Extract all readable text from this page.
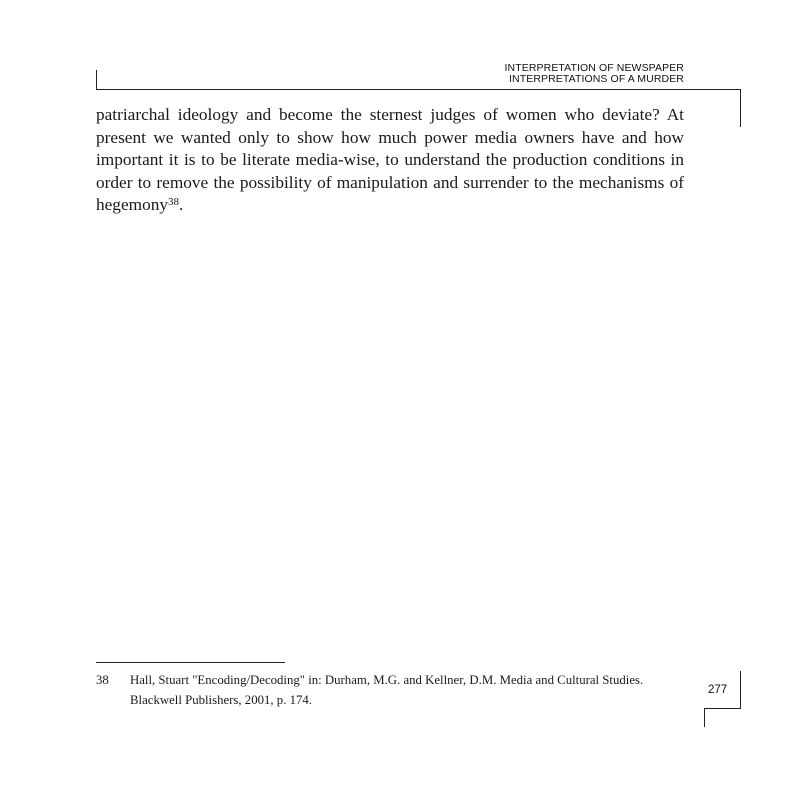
INTERPRETATION OF NEWSPAPER
INTERPRETATIONS OF A MURDER

patriarchal ideology and become the sternest judges of women who deviate? At present we wanted only to show how much power media owners have and how important it is to be literate media-wise, to understand the production conditions in order to remove the possibility of manipulation and surrender to the mechanisms of hegemony$^{38}$.

38 Hall, Stuart "Encoding/Decoding" in: Durham, M.G. and Kellner, D.M. Media and Cultural Studies. Blackwell Publishers, 2001, p. 174.
277
